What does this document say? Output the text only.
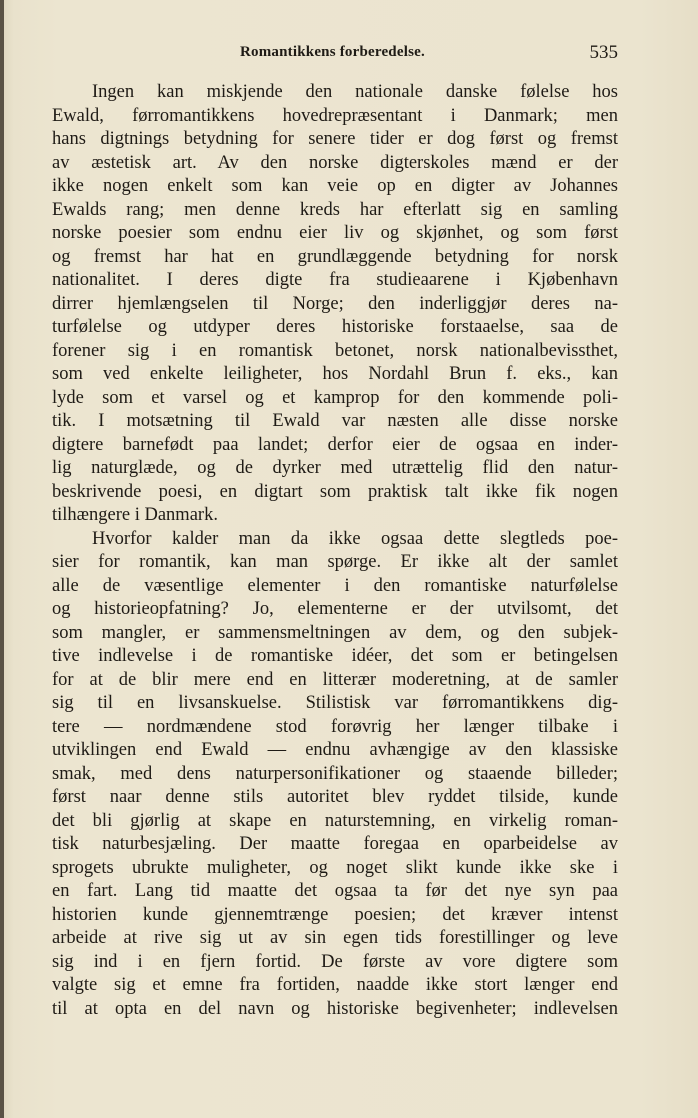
Romantikkens forberedelse.	535
Ingen kan miskjende den nationale danske følelse hos
Ewald, førromantikkens hovedrepræsentant i Danmark; men
hans digtnings betydning for senere tider er dog først og fremst
av æstetisk art. Av den norske digterskoles mænd er der
ikke nogen enkelt som kan veie op en digter av Johannes
Ewalds rang; men denne kreds har efterlatt sig en samling
norske poesier som endnu eier liv og skjønhet, og som først
og fremst har hat en grundlæggende betydning for norsk
nationalitet. I deres digte fra studieaarene i Kjøbenhavn
dirrer hjemlængselen til Norge; den inderliggjør deres na-
turfølelse og utdyper deres historiske forstaaelse, saa de
forener sig i en romantisk betonet, norsk nationalbevissthet,
som ved enkelte leiligheter, hos Nordahl Brun f. eks., kan
lyde som et varsel og et kamprop for den kommende poli-
tik. I motsætning til Ewald var næsten alle disse norske
digtere barnefødt paa landet; derfor eier de ogsaa en inder-
lig naturglæde, og de dyrker med utrættelig flid den natur-
beskrivende poesi, en digtart som praktisk talt ikke fik nogen
tilhængere i Danmark.
Hvorfor kalder man da ikke ogsaa dette slegtleds poe-
sier for romantik, kan man spørge. Er ikke alt der samlet
alle de væsentlige elementer i den romantiske naturfølelse
og historieopfatning? Jo, elementerne er der utvilsomt, det
som mangler, er sammensmeltningen av dem, og den subjek-
tive indlevelse i de romantiske idéer, det som er betingelsen
for at de blir mere end en litterær moderetning, at de samler
sig til en livsanskuelse. Stilistisk var førromantikkens dig-
tere — nordmændene stod forøvrig her længer tilbake i
utviklingen end Ewald — endnu avhængige av den klassiske
smak, med dens naturpersonifikationer og staaende billeder;
først naar denne stils autoritet blev ryddet tilside, kunde
det bli gjørlig at skape en naturstemning, en virkelig roman-
tisk naturbesjæling. Der maatte foregaa en oparbeidelse av
sprogets ubrukte muligheter, og noget slikt kunde ikke ske i
en fart. Lang tid maatte det ogsaa ta før det nye syn paa
historien kunde gjennemtrænge poesien; det kræver intenst
arbeide at rive sig ut av sin egen tids forestillinger og leve
sig ind i en fjern fortid. De første av vore digtere som
valgte sig et emne fra fortiden, naadde ikke stort længer end
til at opta en del navn og historiske begivenheter; indlevelsen
